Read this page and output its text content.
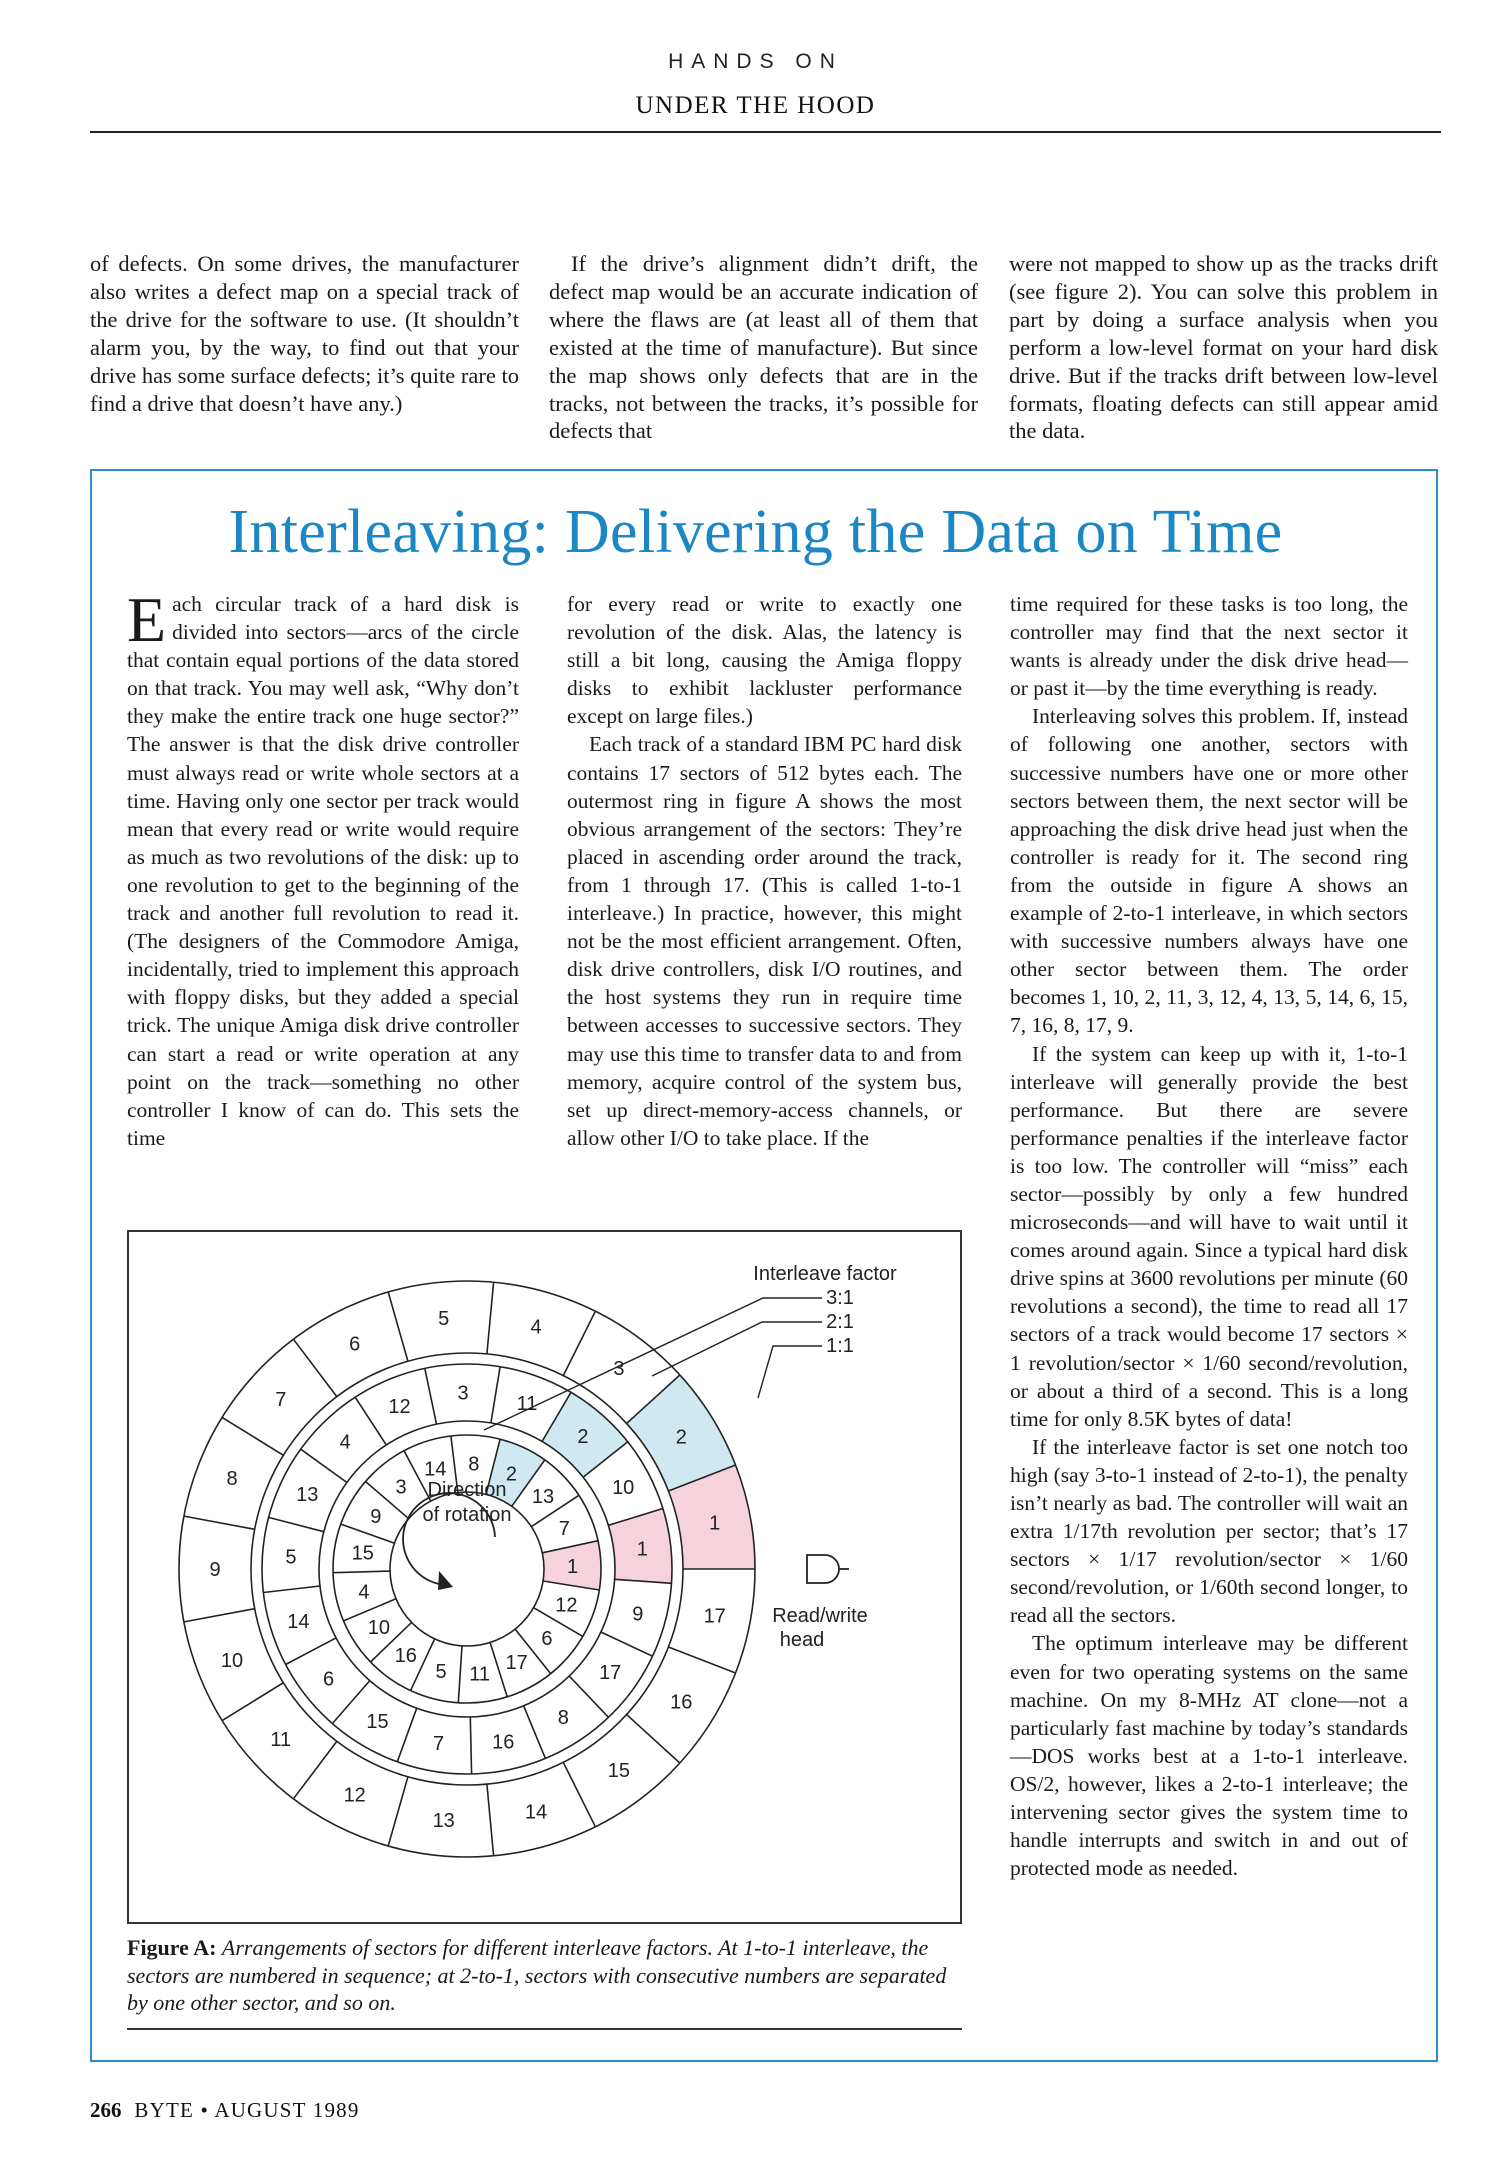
HANDS ON
UNDER THE HOOD

of defects. On some drives, the manufacturer also writes a defect map on a special track of the drive for the software to use. (It shouldn’t alarm you, by the way, to find out that your drive has some surface defects; it’s quite rare to find a drive that doesn’t have any.)

If the drive’s alignment didn’t drift, the defect map would be an accurate indication of where the flaws are (at least all of them that existed at the time of manufacture). But since the map shows only defects that are in the tracks, not between the tracks, it’s possible for defects that

were not mapped to show up as the tracks drift (see figure 2). You can solve this problem in part by doing a surface analysis when you perform a low-level format on your hard disk drive. But if the tracks drift between low-level formats, floating defects can still appear amid the data.

Interleaving: Delivering the Data on Time

Each circular track of a hard disk is divided into sectors—arcs of the circle that contain equal portions of the data stored on that track. You may well ask, “Why don’t they make the entire track one huge sector?” The answer is that the disk drive controller must always read or write whole sectors at a time. Having only one sector per track would mean that every read or write would require as much as two revolutions of the disk: up to one revolution to get to the beginning of the track and another full revolution to read it. (The designers of the Commodore Amiga, incidentally, tried to implement this approach with floppy disks, but they added a special trick. The unique Amiga disk drive controller can start a read or write operation at any point on the track—something no other controller I know of can do. This sets the time

for every read or write to exactly one revolution of the disk. Alas, the latency is still a bit long, causing the Amiga floppy disks to exhibit lackluster performance except on large files.)

Each track of a standard IBM PC hard disk contains 17 sectors of 512 bytes each. The outermost ring in figure A shows the most obvious arrangement of the sectors: They’re placed in ascending order around the track, from 1 through 17. (This is called 1-to-1 interleave.) In practice, however, this might not be the most efficient arrangement. Often, disk drive controllers, disk I/O routines, and the host systems they run in require time between accesses to successive sectors. They may use this time to transfer data to and from memory, acquire control of the system bus, set up direct-memory-access channels, or allow other I/O to take place. If the

time required for these tasks is too long, the controller may find that the next sector it wants is already under the disk drive head—or past it—by the time everything is ready.

Interleaving solves this problem. If, instead of following one another, sectors with successive numbers have one or more other sectors between them, the next sector will be approaching the disk drive head just when the controller is ready for it. The second ring from the outside in figure A shows an example of 2-to-1 interleave, in which sectors with successive numbers always have one other sector between them. The order becomes 1, 10, 2, 11, 3, 12, 4, 13, 5, 14, 6, 15, 7, 16, 8, 17, 9.

If the system can keep up with it, 1-to-1 interleave will generally provide the best performance. But there are severe performance penalties if the interleave factor is too low. The controller will “miss” each sector—possibly by only a few hundred microseconds—and will have to wait until it comes around again. Since a typical hard disk drive spins at 3600 revolutions per minute (60 revolutions a second), the time to read all 17 sectors of a track would become 17 sectors × 1 revolution/sector × 1/60 second/revolution, or about a third of a second. This is a long time for only 8.5K bytes of data!

If the interleave factor is set one notch too high (say 3-to-1 instead of 2-to-1), the penalty isn’t nearly as bad. The controller will wait an extra 1/17th revolution per sector; that’s 17 sectors × 1/17 revolution/sector × 1/60 second/revolution, or 1/60th second longer, to read all the sectors.

The optimum interleave may be different even for two operating systems on the same machine. On my 8-MHz AT clone—not a particularly fast machine by today’s standards—DOS works best at a 1-to-1 interleave. OS/2, however, likes a 2-to-1 interleave; the intervening sector gives the system time to handle interrupts and switch in and out of protected mode as needed.

1
2
3
4
5
6
7
8
9
10
11
12
13	14
15
16
17
1
10
2
11
3
12
4
13
5
14
6
15
7 16
8
17
9
1
7
13
2
8
14
3
9
15
4
10
16
5 11
17
6
12
Direction
of rotation
Read/write
head
Interleave factor
3:1
2:1
1:1
Figure A: Arrangements of sectors for different interleave factors. At 1-to-1 interleave, the sectors are numbered in sequence; at 2-to-1, sectors with consecutive numbers are separated by one other sector, and so on.
266 BYTE • AUGUST 1989
